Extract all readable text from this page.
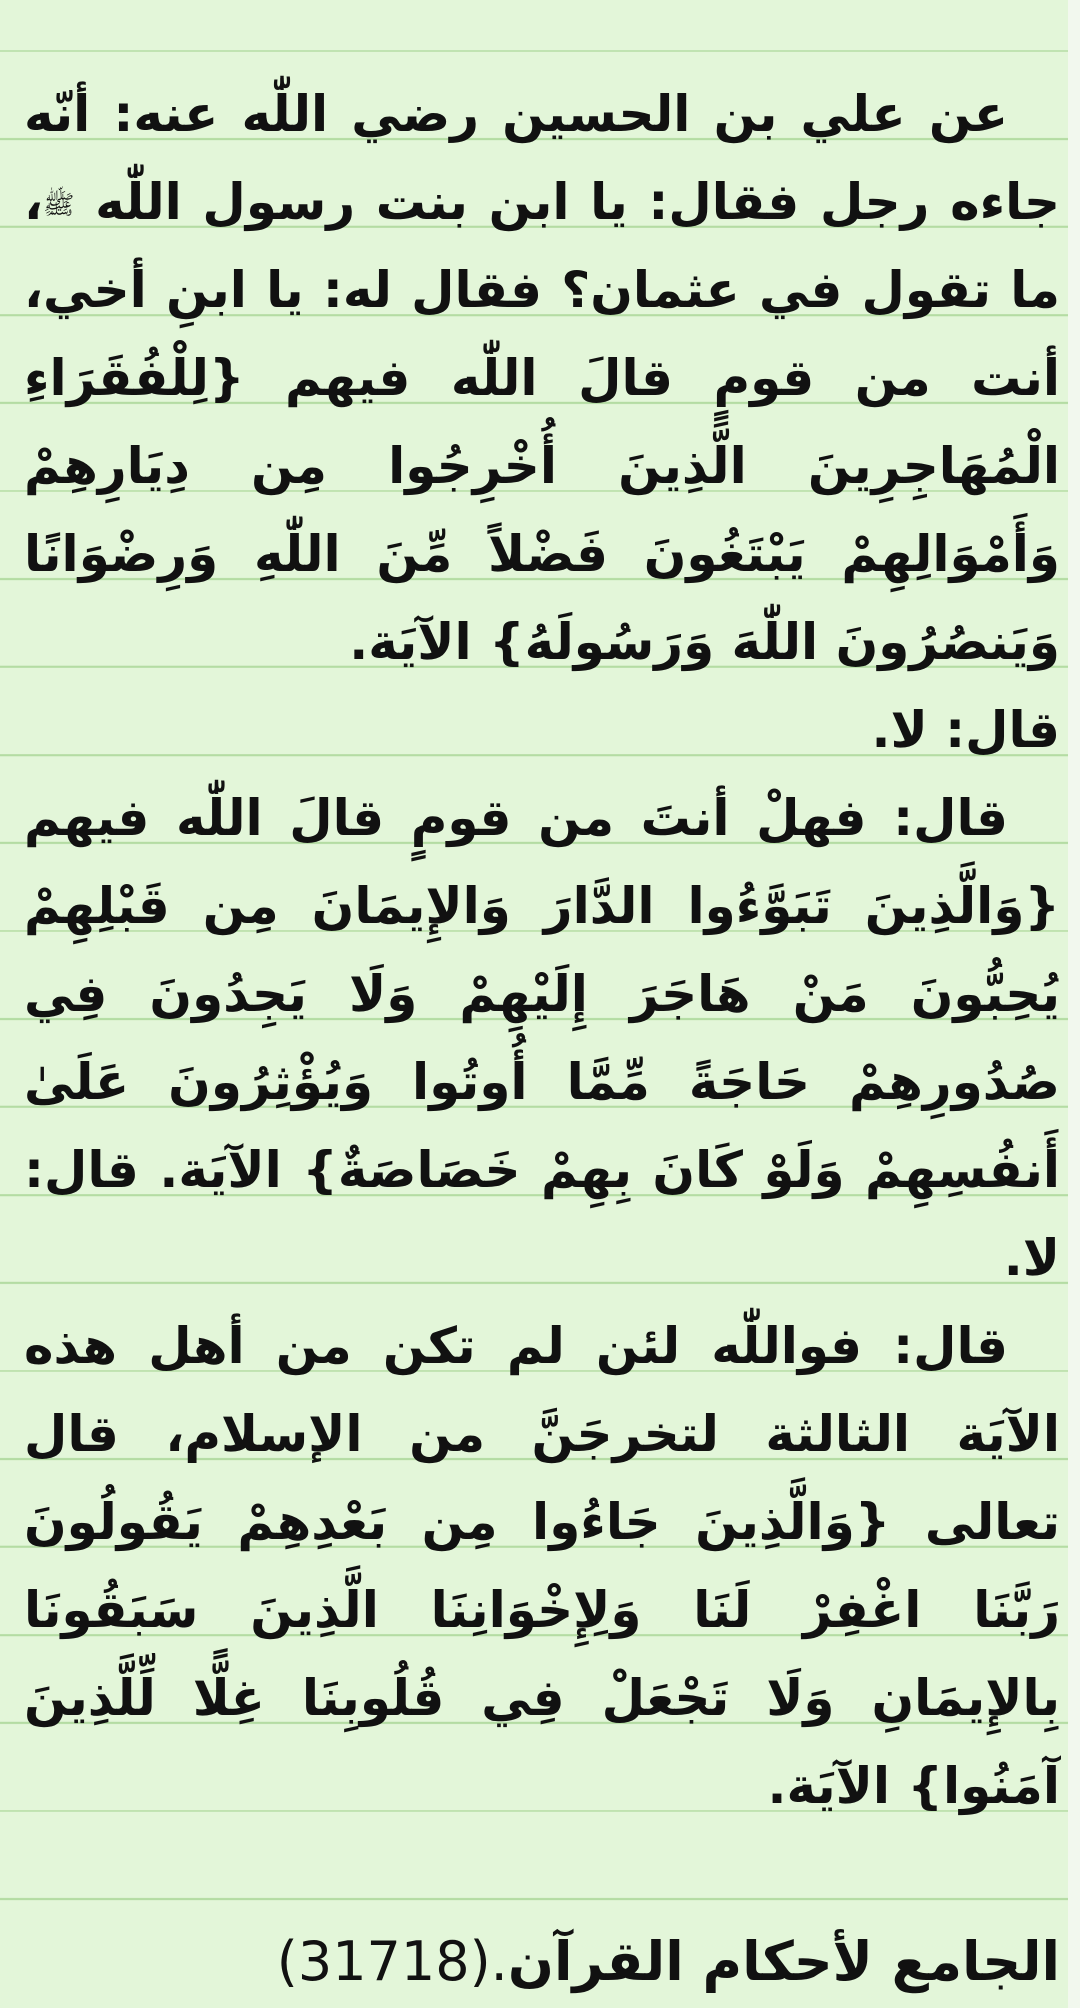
عن علي بن الحسين رضي اللّٰه عنه: أنّه جاءه رجل فقال: يا ابن بنت رسول اللّٰه ﷺ، ما تقول في عثمان؟ فقال له: يا ابنِ أخي، أنت من قومٍ قالَ اللّٰه فيهم {لِلْفُقَرَاءِ الْمُهَاجِرِينَ الَّذِينَ أُخْرِجُوا مِن دِيَارِهِمْ وَأَمْوَالِهِمْ يَبْتَغُونَ فَضْلاً مِّنَ اللّٰهِ وَرِضْوَانًا وَيَنصُرُونَ اللّٰهَ وَرَسُولَهُ} الآيَة.

قال: لا.

قال: فهلْ أنتَ من قومٍ قالَ اللّٰه فيهم {وَالَّذِينَ تَبَوَّءُوا الدَّارَ وَالإِيمَانَ مِن قَبْلِهِمْ يُحِبُّونَ مَنْ هَاجَرَ إِلَيْهِمْ وَلَا يَجِدُونَ فِي صُدُورِهِمْ حَاجَةً مِّمَّا أُوتُوا وَيُؤْثِرُونَ عَلَىٰ أَنفُسِهِمْ وَلَوْ كَانَ بِهِمْ خَصَاصَةٌ} الآيَة. قال: لا.

قال: فواللّٰه لئن لم تكن من أهل هذه الآيَة الثالثة لتخرجَنَّ من الإسلام، قال تعالى {وَالَّذِينَ جَاءُوا مِن بَعْدِهِمْ يَقُولُونَ رَبَّنَا اغْفِرْ لَنَا وَلِإِخْوَانِنَا الَّذِينَ سَبَقُونَا بِالإِيمَانِ وَلَا تَجْعَلْ فِي قُلُوبِنَا غِلًّا لِّلَّذِينَ آمَنُوا} الآيَة.

الجامع لأحكام القرآن(31718).
